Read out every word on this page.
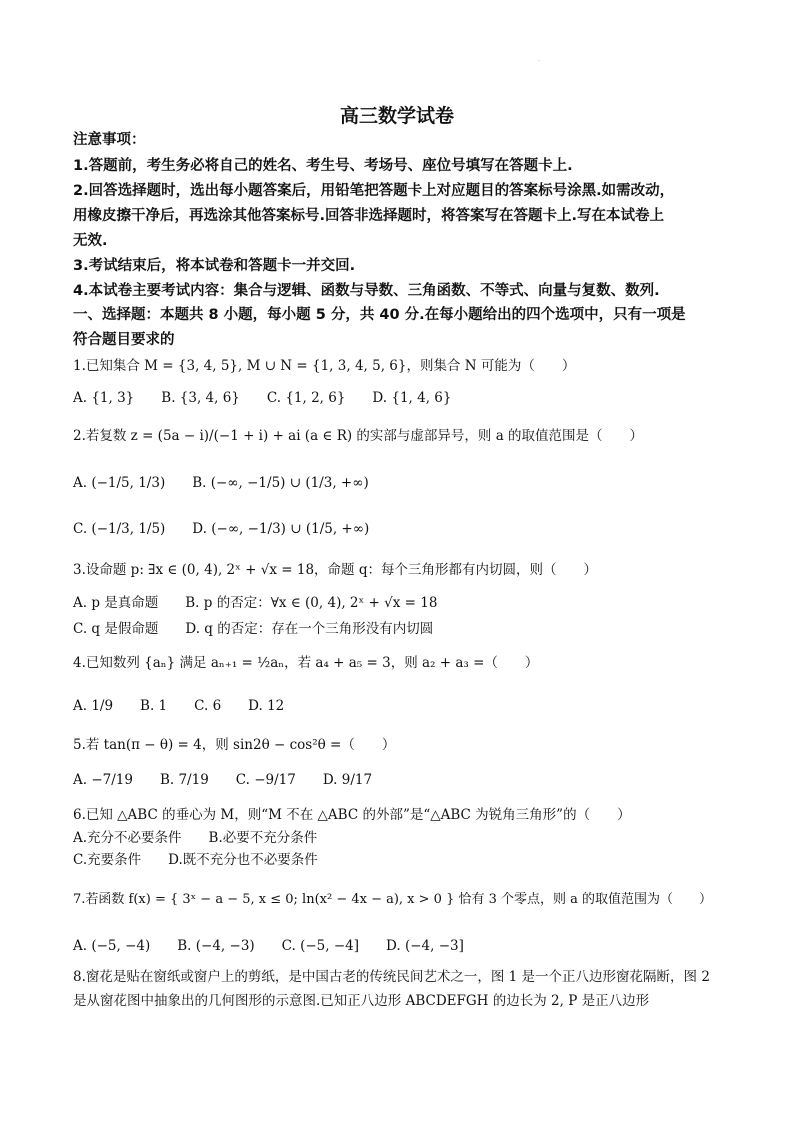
.
高三数学试卷
注意事项：
1.答题前，考生务必将自己的姓名、考生号、考场号、座位号填写在答题卡上.
2.回答选择题时，选出每小题答案后，用铅笔把答题卡上对应题目的答案标号涂黑.如需改动，
用橡皮擦干净后，再选涂其他答案标号.回答非选择题时，将答案写在答题卡上.写在本试卷上
无效.
3.考试结束后，将本试卷和答题卡一并交回.
4.本试卷主要考试内容：集合与逻辑、函数与导数、三角函数、不等式、向量与复数、数列.
一、选择题：本题共 8 小题，每小题 5 分，共 40 分.在每小题给出的四个选项中，只有一项是
符合题目要求的
1.已知集合 M = {3, 4, 5}, M ∪ N = {1, 3, 4, 5, 6}，则集合 N 可能为（　　）
A. {1, 3}　　B. {3, 4, 6}　　C. {1, 2, 6}　　D. {1, 4, 6}
2.若复数 z = (5a − i)/(−1 + i) + ai (a ∈ R) 的实部与虚部异号，则 a 的取值范围是（　　）
A. (−1/5, 1/3)　　B. (−∞, −1/5) ∪ (1/3, +∞)
C. (−1/3, 1/5)　　D. (−∞, −1/3) ∪ (1/5, +∞)
3.设命题 p: ∃x ∈ (0, 4), 2ˣ + √x = 18，命题 q：每个三角形都有内切圆，则（　　）
A. p 是真命题　　B. p 的否定：∀x ∈ (0, 4), 2ˣ + √x = 18
C. q 是假命题　　D. q 的否定：存在一个三角形没有内切圆
4.已知数列 {aₙ} 满足 aₙ₊₁ = ½aₙ，若 a₄ + a₅ = 3，则 a₂ + a₃ =（　　）
A. 1/9　　B. 1　　C. 6　　D. 12
5.若 tan(π − θ) = 4，则 sin2θ − cos²θ =（　　）
A. −7/19　　B. 7/19　　C. −9/17　　D. 9/17
6.已知 △ABC 的垂心为 M，则“M 不在 △ABC 的外部”是“△ABC 为锐角三角形”的（　　）
A.充分不必要条件　　B.必要不充分条件
C.充要条件　　D.既不充分也不必要条件
7.若函数 f(x) = { 3ˣ − a − 5, x ≤ 0; ln(x² − 4x − a), x > 0 } 恰有 3 个零点，则 a 的取值范围为（　　）
A. (−5, −4)　　B. (−4, −3)　　C. (−5, −4]　　D. (−4, −3]
8.窗花是贴在窗纸或窗户上的剪纸，是中国古老的传统民间艺术之一，图 1 是一个正八边形窗花隔断，图 2
是从窗花图中抽象出的几何图形的示意图.已知正八边形 ABCDEFGH 的边长为 2, P 是正八边形
